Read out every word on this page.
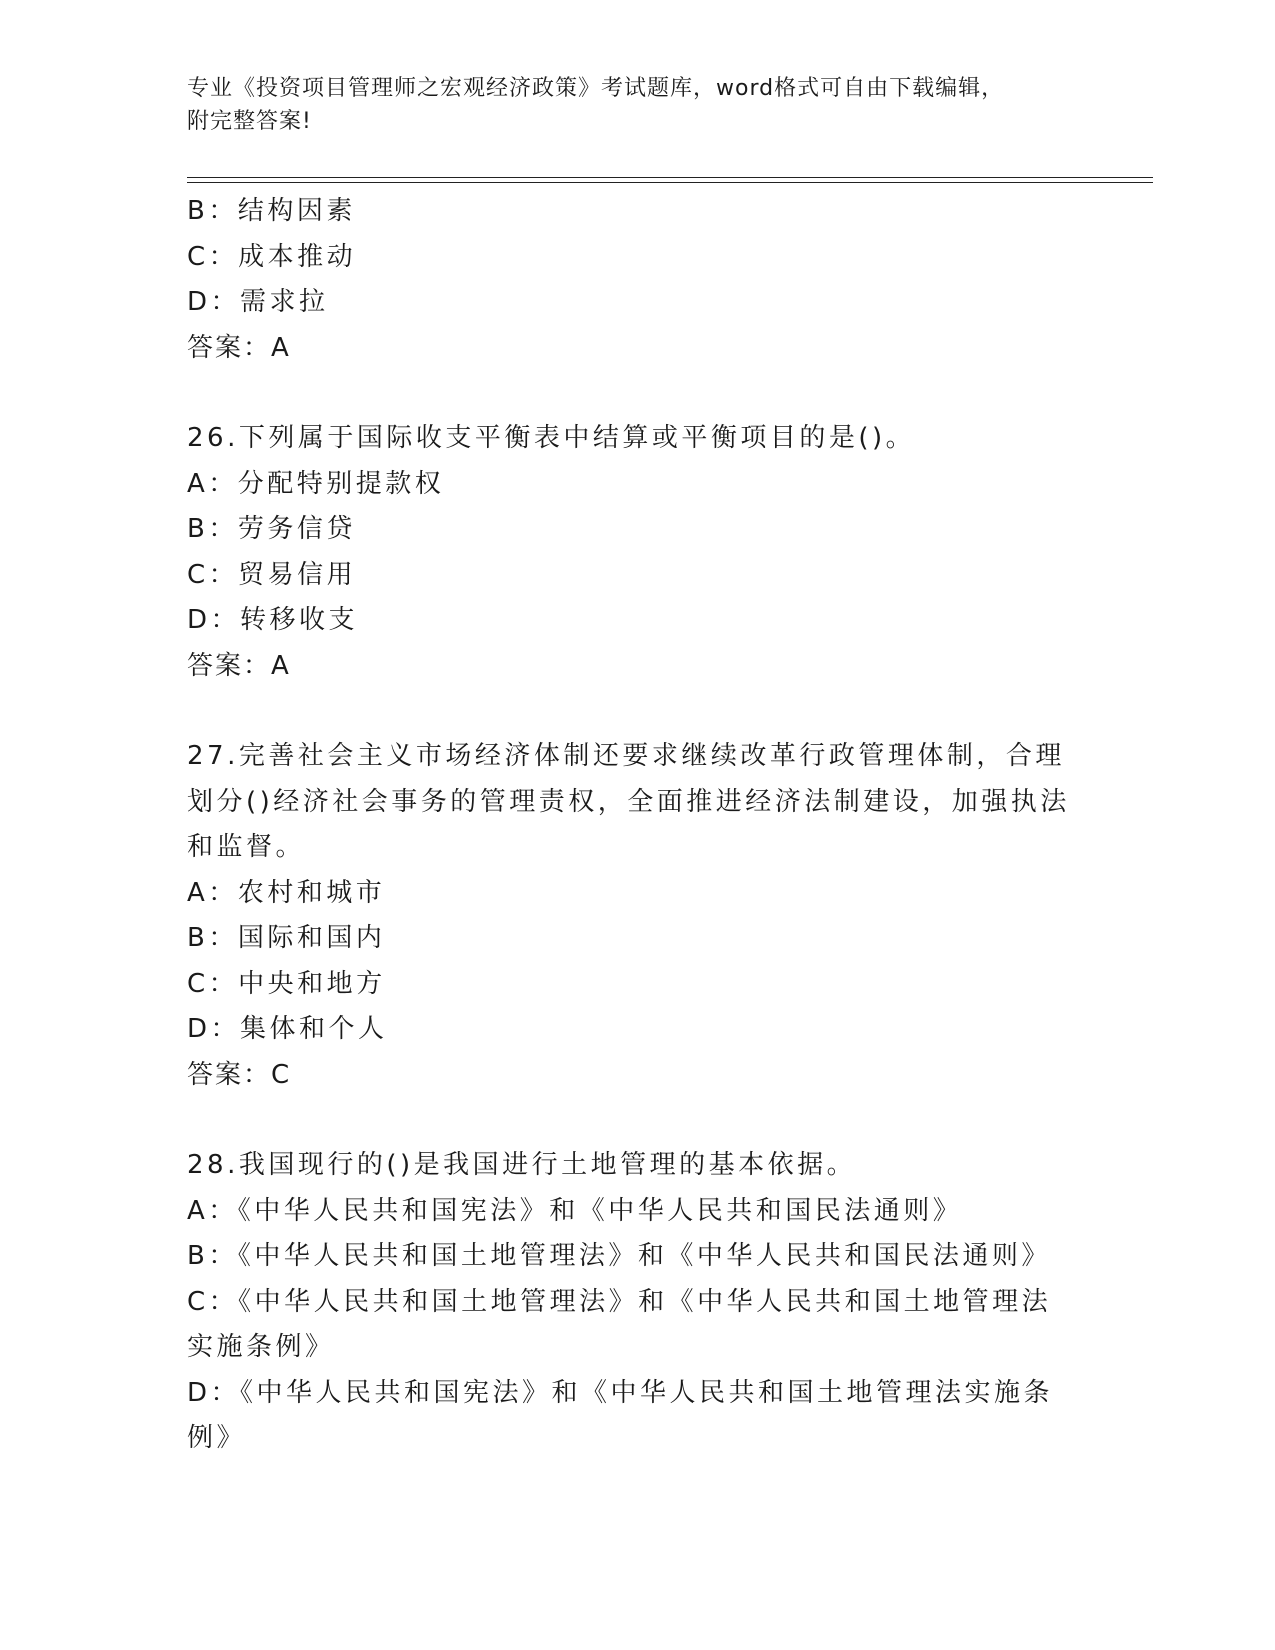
专业《投资项目管理师之宏观经济政策》考试题库，word格式可自由下载编辑，
附完整答案!
B：结构因素
C：成本推动
D：需求拉
答案：A
26.下列属于国际收支平衡表中结算或平衡项目的是()。
A：分配特别提款权
B：劳务信贷
C：贸易信用
D：转移收支
答案：A
27.完善社会主义市场经济体制还要求继续改革行政管理体制，合理划分()经济社会事务的管理责权，全面推进经济法制建设，加强执法和监督。
A：农村和城市
B：国际和国内
C：中央和地方
D：集体和个人
答案：C
28.我国现行的()是我国进行土地管理的基本依据。
A：《中华人民共和国宪法》和《中华人民共和国民法通则》
B：《中华人民共和国土地管理法》和《中华人民共和国民法通则》
C：《中华人民共和国土地管理法》和《中华人民共和国土地管理法实施条例》
D：《中华人民共和国宪法》和《中华人民共和国土地管理法实施条例》
